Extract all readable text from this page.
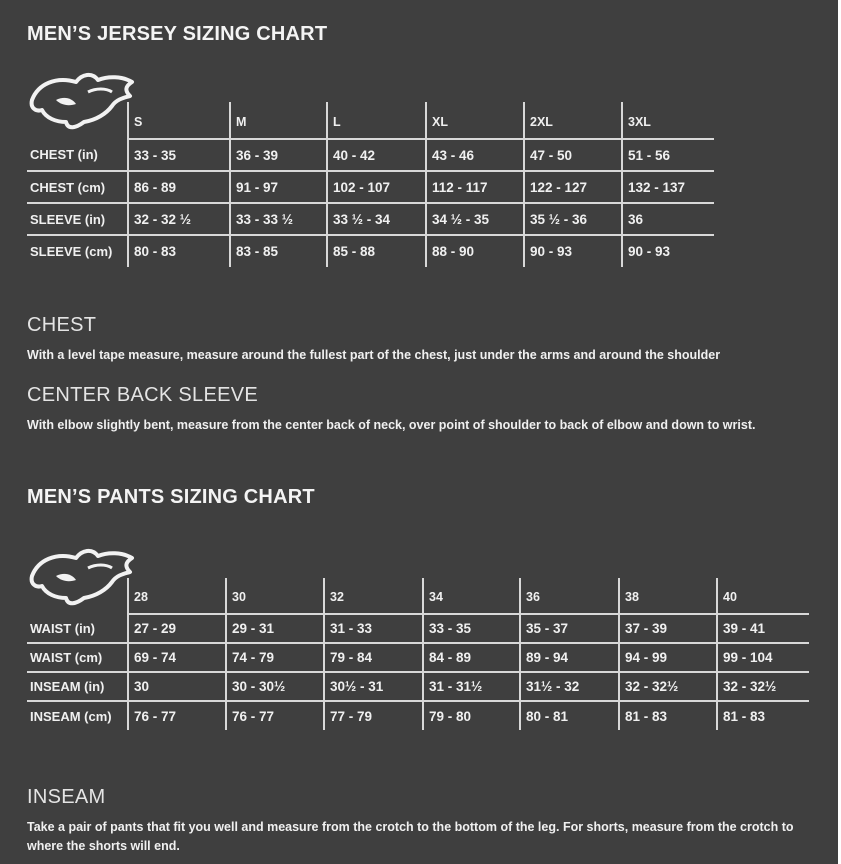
MEN’S JERSEY SIZING CHART
	S	M	L	XL	2XL	3XL
CHEST (in)	33 - 35	36 - 39	40 - 42	43 - 46	47 - 50	51 - 56
CHEST (cm)	86 - 89	91 - 97	102 - 107	112 - 117	122 - 127	132 - 137
SLEEVE (in)	32 - 32 ½	33 - 33 ½	33 ½ - 34	34 ½ - 35	35 ½ - 36	36
SLEEVE (cm)	80 - 83	83 - 85	85 - 88	88 - 90	90 - 93	90 - 93
CHEST

With a level tape measure, measure around the fullest part of the chest, just under the arms and around the shoulder

CENTER BACK SLEEVE

With elbow slightly bent, measure from the center back of neck, over point of shoulder to back of elbow and down to wrist.

MEN’S PANTS SIZING CHART
	28	30	32	34	36	38	40
WAIST (in)	27 - 29	29 - 31	31 - 33	33 - 35	35 - 37	37 - 39	39 - 41
WAIST (cm)	69 - 74	74 - 79	79 - 84	84 - 89	89 - 94	94 - 99	99 - 104
INSEAM (in)	30	30 - 30½	30½ - 31	31 - 31½	31½ - 32	32 - 32½	32 - 32½
INSEAM (cm)	76 - 77	76 - 77	77 - 79	79 - 80	80 - 81	81 - 83	81 - 83
INSEAM

Take a pair of pants that fit you well and measure from the crotch to the bottom of the leg. For shorts, measure from the crotch to where the shorts will end.
